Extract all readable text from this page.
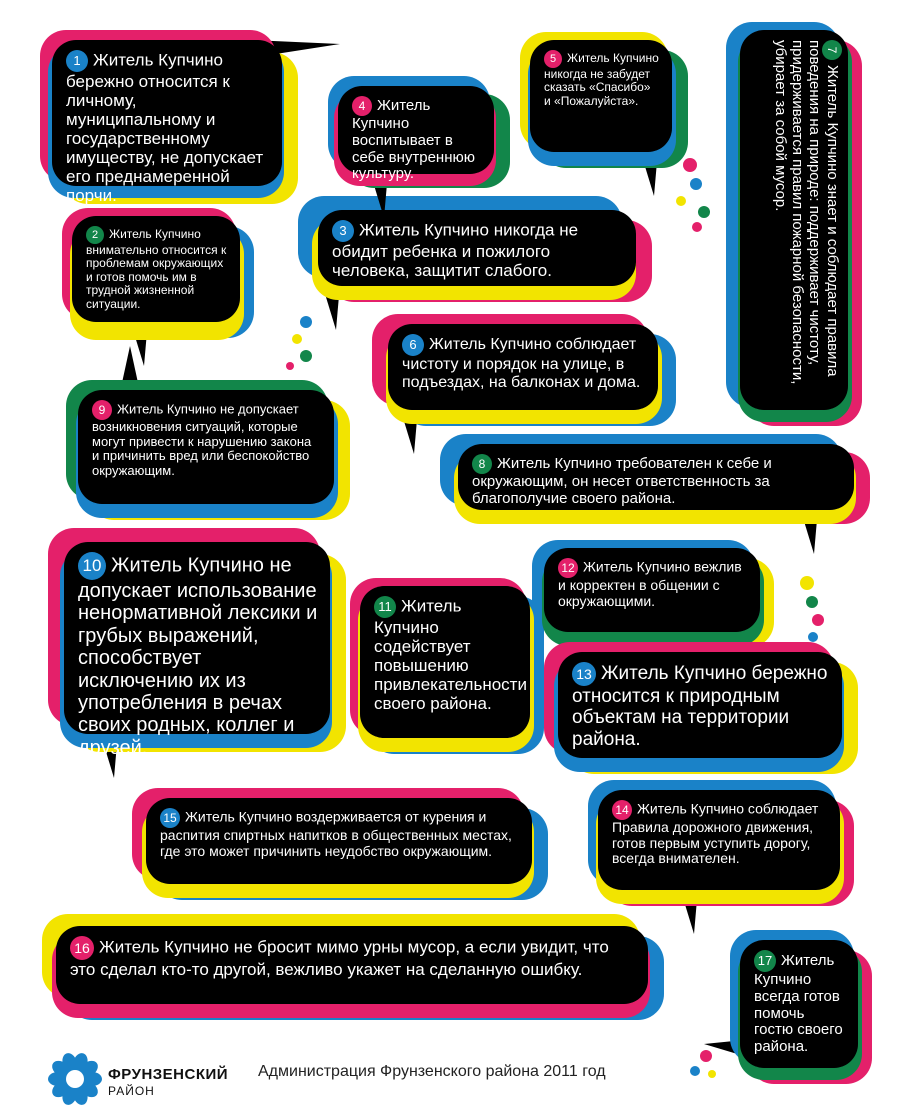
1 Житель Купчино бережно относится к личному, муниципальному и государственному имуществу, не допускает его преднамеренной порчи.
2 Житель Купчино внимательно относится к проблемам окружающих и готов помочь им в трудной жизненной ситуации.
3 Житель Купчино никогда не обидит ребенка и пожилого человека, защитит слабого.
4 Житель Купчино воспитывает в себе внутреннюю культуру.
5 Житель Купчино никогда не забудет сказать «Спасибо» и «Пожалуйста».
6 Житель Купчино соблюдает чистоту и порядок на улице, в подъездах, на балконах и дома.
7Житель Купчино знает и соблюдает правила поведения на природе: поддерживает чистоту, придерживается правил пожарной безопасности, убирает за собой мусор.
8 Житель Купчино требователен к себе и окружающим, он несет ответственность за благополучие своего района.
9 Житель Купчино не допускает возникновения ситуаций, которые могут привести к нарушению закона и причинить вред или беспокойство окружающим.
10 Житель Купчино не допускает использование ненормативной лексики и грубых выражений, способствует исключению их из употребления в речах своих родных, коллег и друзей.
11 Житель Купчино содействует повышению привлекательности своего района.
12 Житель Купчино вежлив и корректен в общении с окружающими.
13 Житель Купчино бережно относится к природным объектам на территории района.
14 Житель Купчино соблюдает Правила дорожного движения, готов первым уступить дорогу, всегда внимателен.
15 Житель Купчино воздерживается от курения и распития спиртных напитков в общественных местах, где это может причинить неудобство окружающим.
16 Житель Купчино не бросит мимо урны мусор, а если увидит, что это сделал кто-то другой, вежливо укажет на сделанную ошибку.	17 Житель Купчино всегда готов помочь гостю своего района.
ФРУНЗЕНСКИЙ
РАЙОН
Администрация Фрунзенского района 2011 год
